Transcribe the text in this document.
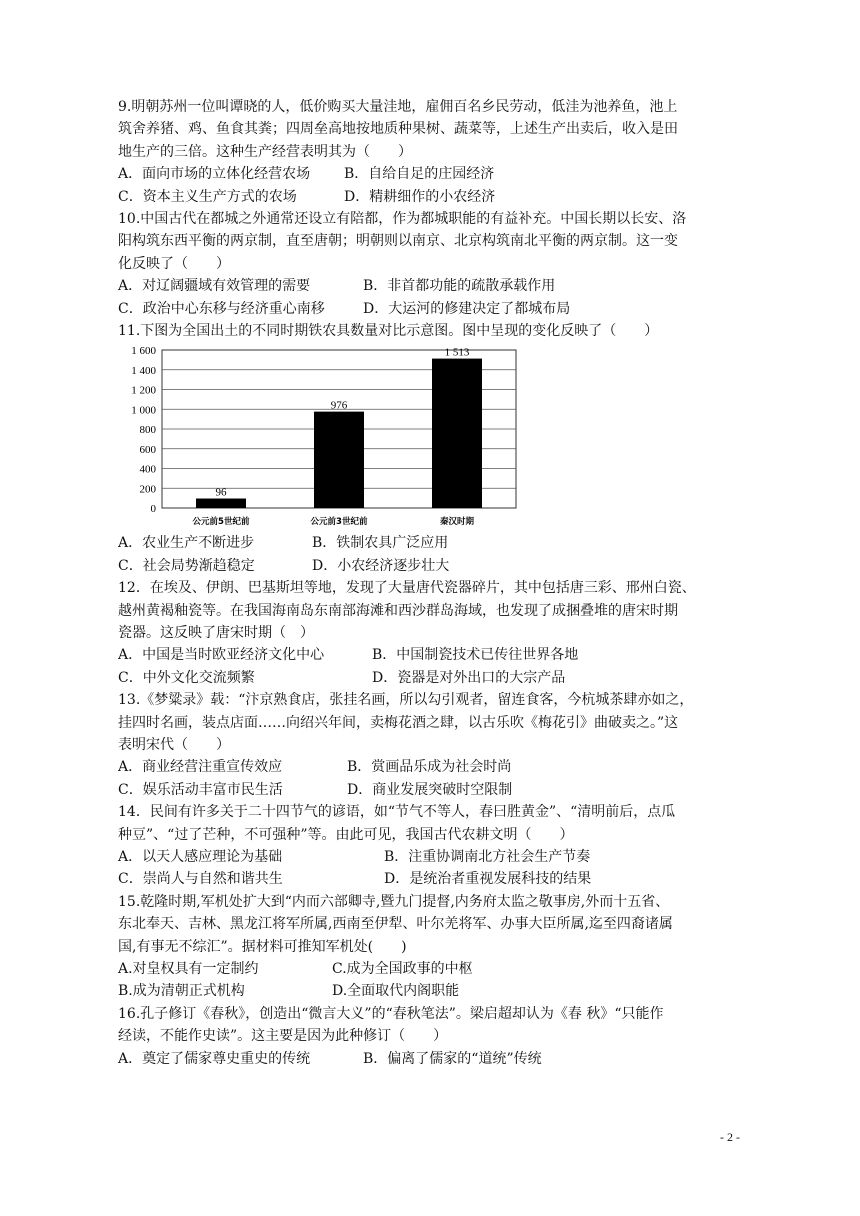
9.明朝苏州一位叫谭晓的人，低价购买大量洼地，雇佣百名乡民劳动，低洼为池养鱼，池上
筑舍养猪、鸡、鱼食其粪；四周垒高地按地质种果树、蔬菜等，上述生产出卖后，收入是田
地生产的三倍。这种生产经营表明其为（　　）
A．面向市场的立体化经营农场	B．自给自足的庄园经济
C．资本主义生产方式的农场	D．精耕细作的小农经济
10.中国古代在都城之外通常还设立有陪都，作为都城职能的有益补充。中国长期以长安、洛
阳构筑东西平衡的两京制，直至唐朝；明朝则以南京、北京构筑南北平衡的两京制。这一变
化反映了（　　）
A．对辽阔疆域有效管理的需要	B．非首都功能的疏散承载作用
C．政治中心东移与经济重心南移	D．大运河的修建决定了都城布局
11.下图为全国出土的不同时期铁农具数量对比示意图。图中呈现的变化反映了（　　）
0
200
400
600
800
1 000
1 200
1 400
1 600
96
公元前5世纪前
976
公元前3世纪前
1 513
秦汉时期
A．农业生产不断进步	B．铁制农具广泛应用
C．社会局势渐趋稳定	D．小农经济逐步壮大
12．在埃及、伊朗、巴基斯坦等地，发现了大量唐代瓷器碎片，其中包括唐三彩、邢州白瓷、
越州黄褐釉瓷等。在我国海南岛东南部海滩和西沙群岛海域，也发现了成捆叠堆的唐宋时期
瓷器。这反映了唐宋时期（　）
A．中国是当时欧亚经济文化中心	B．中国制瓷技术已传往世界各地
C．中外文化交流频繁	D．瓷器是对外出口的大宗产品
13.《梦粱录》载：“汴京熟食店，张挂名画，所以勾引观者，留连食客，今杭城茶肆亦如之，
挂四时名画，装点店面……向绍兴年间，卖梅花酒之肆，以古乐吹《梅花引》曲破卖之。”这
表明宋代（　　）
A．商业经营注重宣传效应	B．赏画品乐成为社会时尚
C．娱乐活动丰富市民生活	D．商业发展突破时空限制
14．民间有许多关于二十四节气的谚语，如“节气不等人，春曰胜黄金”、“清明前后，点瓜
种豆”、“过了芒种，不可强种”等。由此可见，我国古代农耕文明（　　）
A．以天人感应理论为基础	B．注重协调南北方社会生产节奏
C．崇尚人与自然和谐共生	D．是统治者重视发展科技的结果
15.乾隆时期,军机处扩大到“内而六部卿寺,暨九门提督,内务府太监之敬事房,外而十五省、
东北奉天、吉林、黑龙江将军所属,西南至伊犁、叶尔羌将军、办事大臣所属,迄至四裔诸属
国,有事无不综汇”。据材料可推知军机处(　　)
A.对皇权具有一定制约	C.成为全国政事的中枢
B.成为清朝正式机构	D.全面取代内阁职能
16.孔子修订《春秋》，创造出“微言大义”的“春秋笔法”。梁启超却认为《春 秋》“只能作
经读，不能作史读”。这主要是因为此种修订（　　）
A．奠定了儒家尊史重史的传统	B．偏离了儒家的“道统”传统
- 2 -
